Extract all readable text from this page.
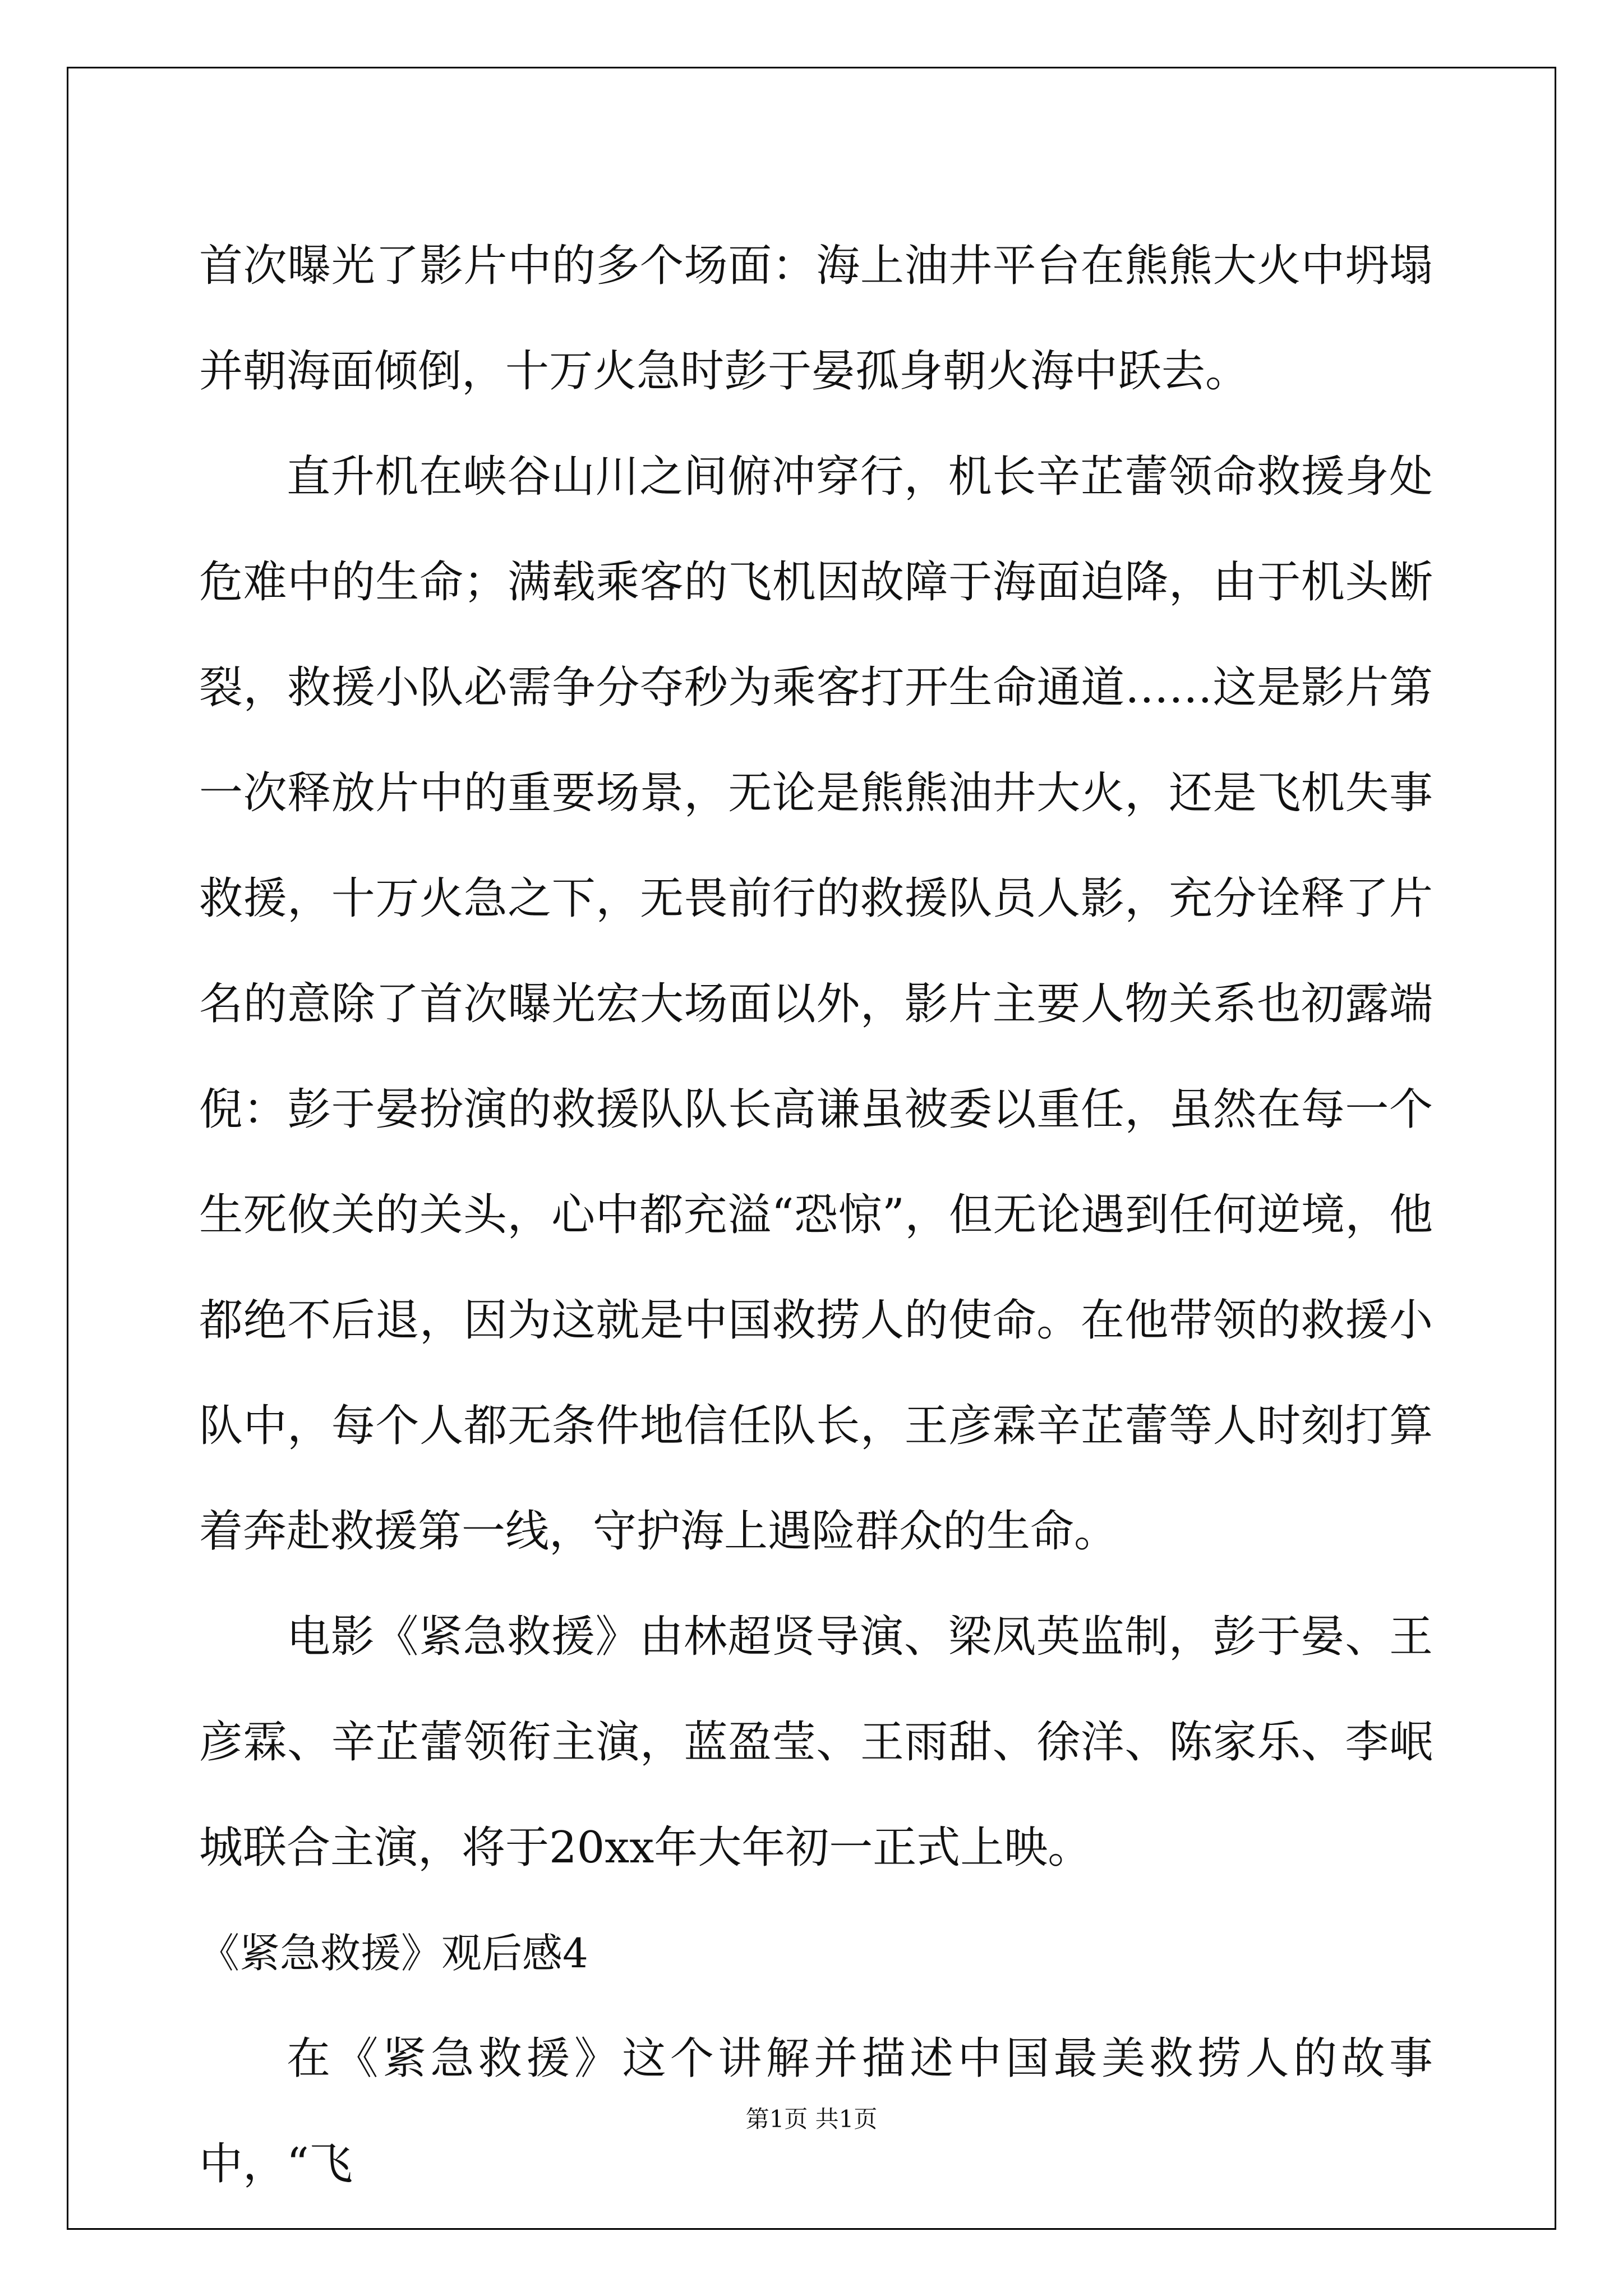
首次曝光了影片中的多个场面：海上油井平台在熊熊大火中坍塌并朝海面倾倒，十万火急时彭于晏孤身朝火海中跃去。

直升机在峡谷山川之间俯冲穿行，机长辛芷蕾领命救援身处危难中的生命；满载乘客的飞机因故障于海面迫降，由于机头断裂，救援小队必需争分夺秒为乘客打开生命通道……这是影片第一次释放片中的重要场景，无论是熊熊油井大火，还是飞机失事救援，十万火急之下，无畏前行的救援队员人影，充分诠释了片名的意除了首次曝光宏大场面以外，影片主要人物关系也初露端倪：彭于晏扮演的救援队队长高谦虽被委以重任，虽然在每一个生死攸关的关头，心中都充溢“恐惊”，但无论遇到任何逆境，他都绝不后退，因为这就是中国救捞人的使命。在他带领的救援小队中，每个人都无条件地信任队长，王彦霖辛芷蕾等人时刻打算着奔赴救援第一线，守护海上遇险群众的生命。

电影《紧急救援》由林超贤导演、梁凤英监制，彭于晏、王彦霖、辛芷蕾领衔主演，蓝盈莹、王雨甜、徐洋、陈家乐、李岷城联合主演，将于20xx年大年初一正式上映。

《紧急救援》观后感4

在《紧急救援》这个讲解并描述中国最美救捞人的故事中，“飞

第1页 共1页
